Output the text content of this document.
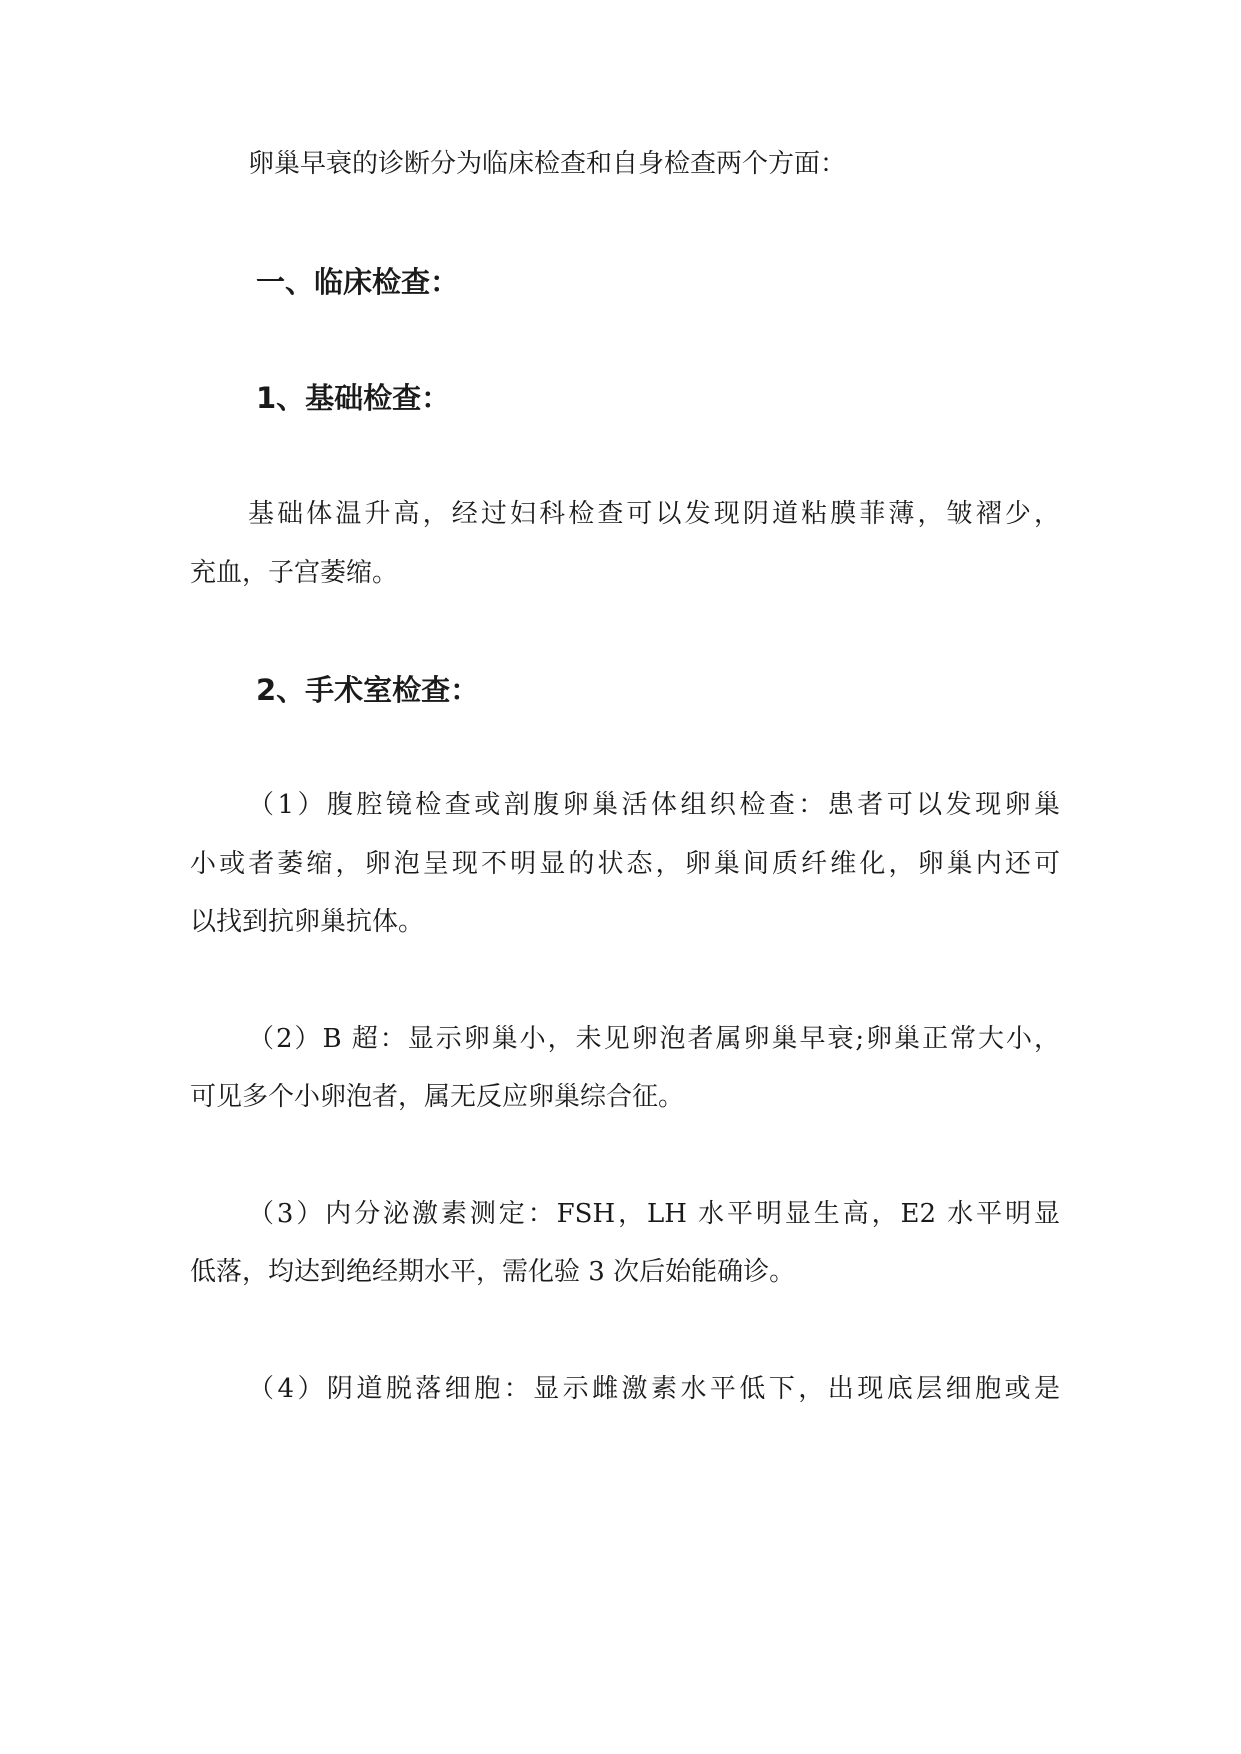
卵巢早衰的诊断分为临床检查和自身检查两个方面：
一、临床检查：
1、基础检查：
基础体温升高，经过妇科检查可以发现阴道粘膜菲薄，皱褶少，
充血，子宫萎缩。
2、手术室检查：
（1）腹腔镜检查或剖腹卵巢活体组织检查：患者可以发现卵巢
小或者萎缩，卵泡呈现不明显的状态，卵巢间质纤维化，卵巢内还可
以找到抗卵巢抗体。
（2）B 超：显示卵巢小，未见卵泡者属卵巢早衰;卵巢正常大小，
可见多个小卵泡者，属无反应卵巢综合征。
（3）内分泌激素测定：FSH，LH 水平明显生高，E2 水平明显
低落，均达到绝经期水平，需化验 3 次后始能确诊。
（4）阴道脱落细胞：显示雌激素水平低下，出现底层细胞或是
